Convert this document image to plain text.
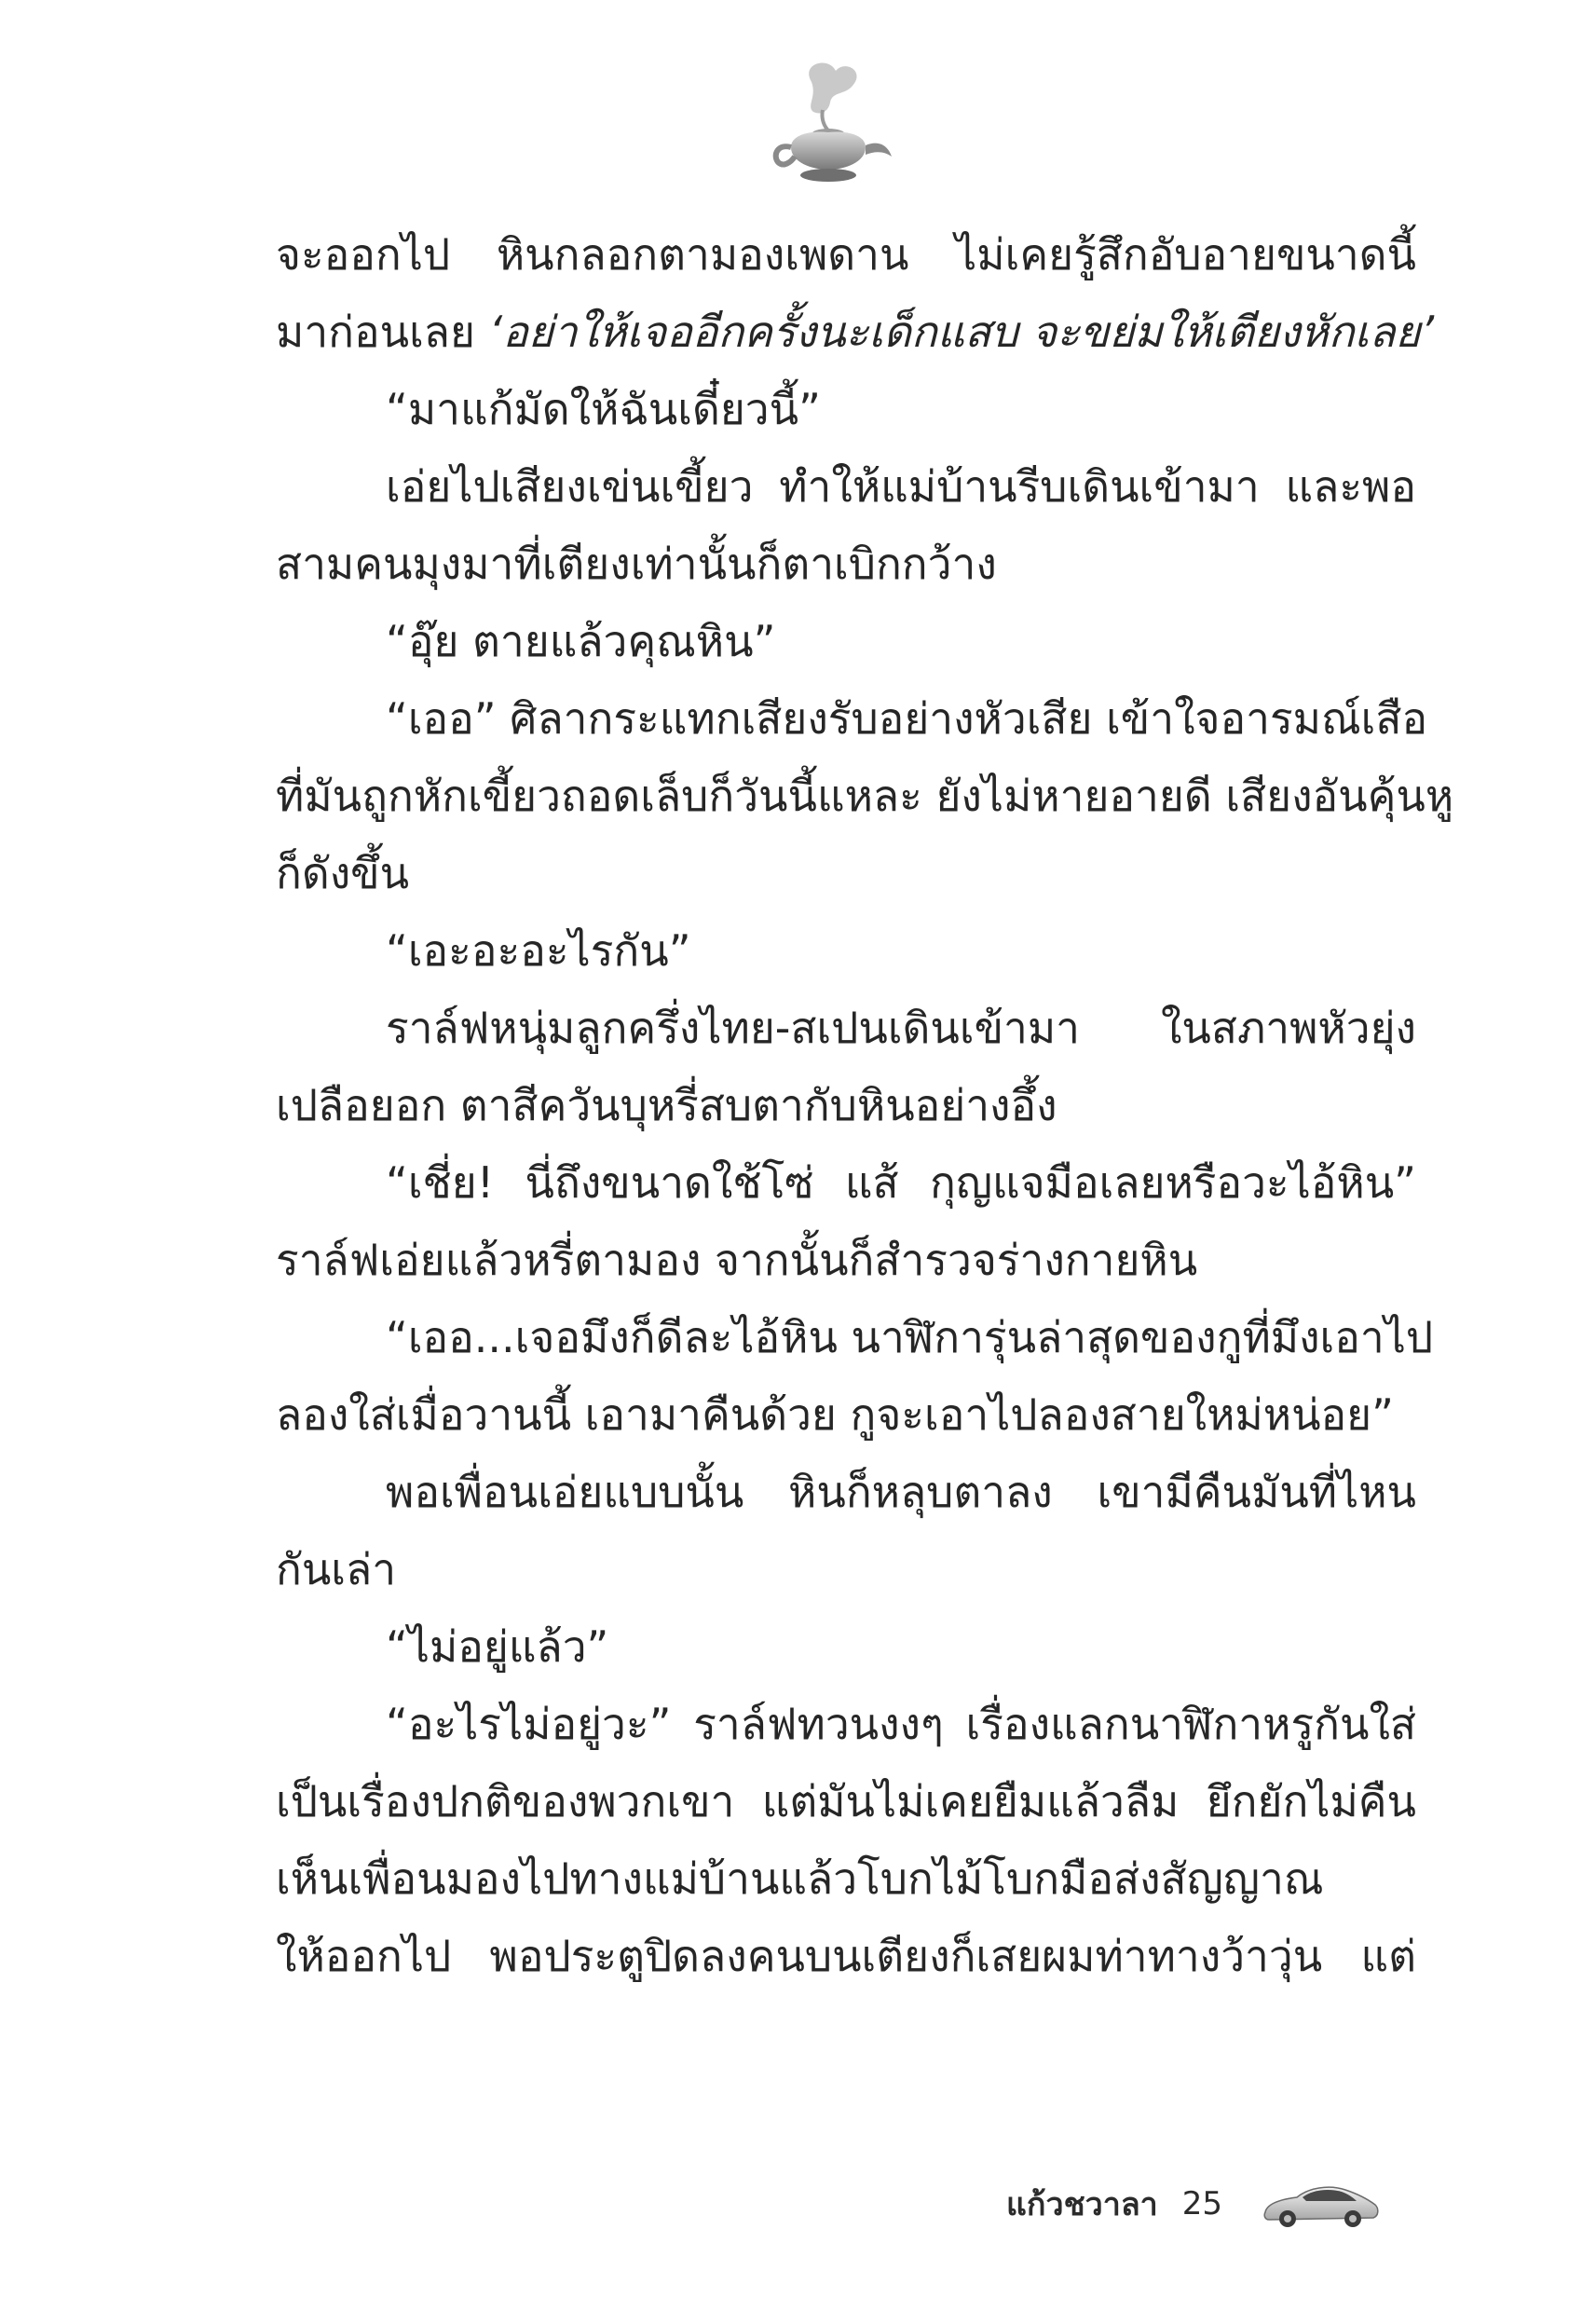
จะออกไป หินกลอกตามองเพดาน ไม่เคยรู้สึกอับอายขนาดนี้
มาก่อนเลย ‘อย่าให้เจออีกครั้งนะเด็กแสบ จะขย่มให้เตียงหักเลย’
“มาแก้มัดให้ฉันเดี๋ยวนี้”
เอ่ยไปเสียงเข่นเขี้ยว ทำให้แม่บ้านรีบเดินเข้ามา และพอ
สามคนมุงมาที่เตียงเท่านั้นก็ตาเบิกกว้าง
“อุ๊ย ตายแล้วคุณหิน”
“เออ” ศิลากระแทกเสียงรับอย่างหัวเสีย เข้าใจอารมณ์เสือ
ที่มันถูกหักเขี้ยวถอดเล็บก็วันนี้แหละ ยังไม่หายอายดี เสียงอันคุ้นหู
ก็ดังขึ้น
“เอะอะอะไรกัน”
ราล์ฟหนุ่มลูกครึ่งไทย-สเปนเดินเข้ามา ในสภาพหัวยุ่ง
เปลือยอก ตาสีควันบุหรี่สบตากับหินอย่างอึ้ง
“เชี่ย! นี่ถึงขนาดใช้โซ่ แส้ กุญแจมือเลยหรือวะไอ้หิน”
ราล์ฟเอ่ยแล้วหรี่ตามอง จากนั้นก็สำรวจร่างกายหิน
“เออ...เจอมึงก็ดีละไอ้หิน นาฬิการุ่นล่าสุดของกูที่มึงเอาไป
ลองใส่เมื่อวานนี้ เอามาคืนด้วย กูจะเอาไปลองสายใหม่หน่อย”
พอเพื่อนเอ่ยแบบนั้น หินก็หลุบตาลง เขามีคืนมันที่ไหน
กันเล่า
“ไม่อยู่แล้ว”
“อะไรไม่อยู่วะ” ราล์ฟทวนงงๆ เรื่องแลกนาฬิกาหรูกันใส่
เป็นเรื่องปกติของพวกเขา แต่มันไม่เคยยืมแล้วลืม ยึกยักไม่คืน
เห็นเพื่อนมองไปทางแม่บ้านแล้วโบกไม้โบกมือส่งสัญญาณ
ให้ออกไป พอประตูปิดลงคนบนเตียงก็เสยผมท่าทางว้าวุ่น แต่
แก้วชวาลา 25
